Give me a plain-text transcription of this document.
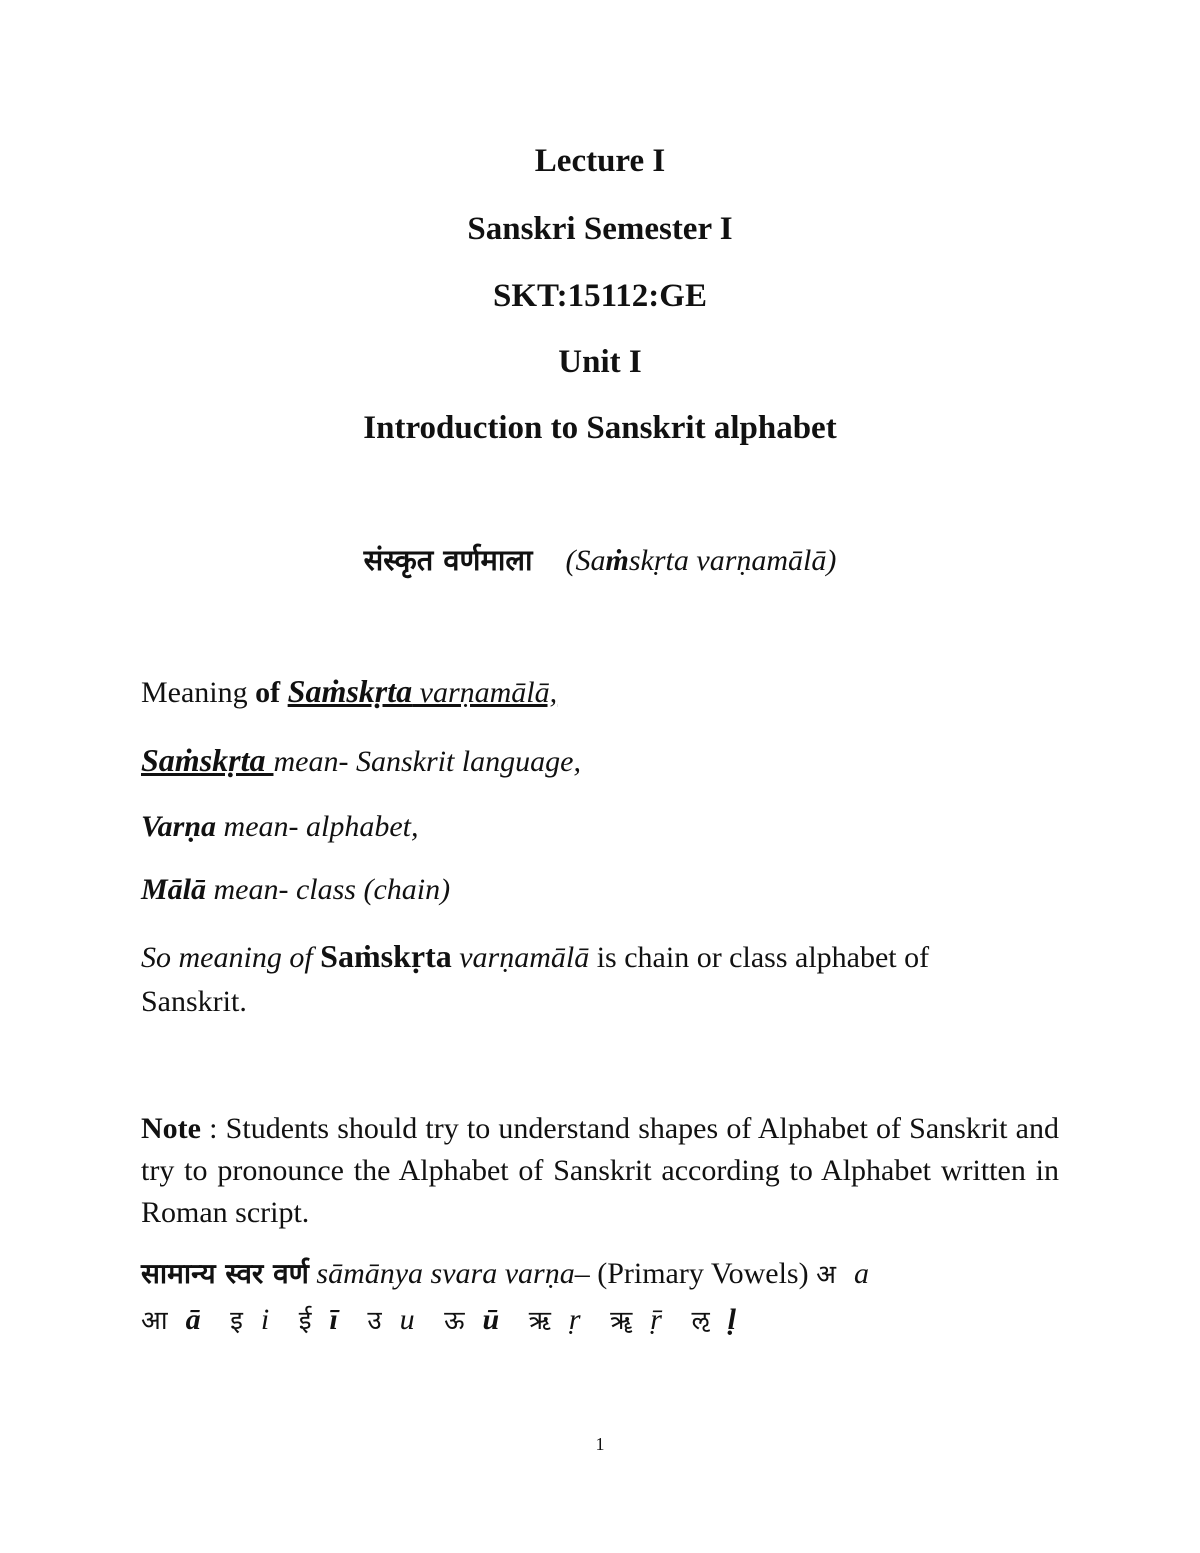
Lecture I
Sanskri Semester I
SKT:15112:GE
Unit I
Introduction to Sanskrit alphabet
संस्कृत वर्णमाला (Saṁskṛta varṇamālā)
Meaning of Saṁskṛta varṇamālā,
Saṁskṛta mean- Sanskrit language,
Varṇa mean- alphabet,
Mālā mean- class (chain)
So meaning of Saṁskṛta varṇamālā is chain or class alphabet of
Sanskrit.
Note : Students should try to understand shapes of Alphabet of Sanskrit and try to pronounce the Alphabet of Sanskrit according to Alphabet written in Roman script.
सामान्य स्वर वर्ण sāmānya svara varṇa– (Primary Vowels) अ a
आ ā इ i ई ī उ u ऊ ū ऋ ṛ ॠ ṝ ऌ ḷ
1
